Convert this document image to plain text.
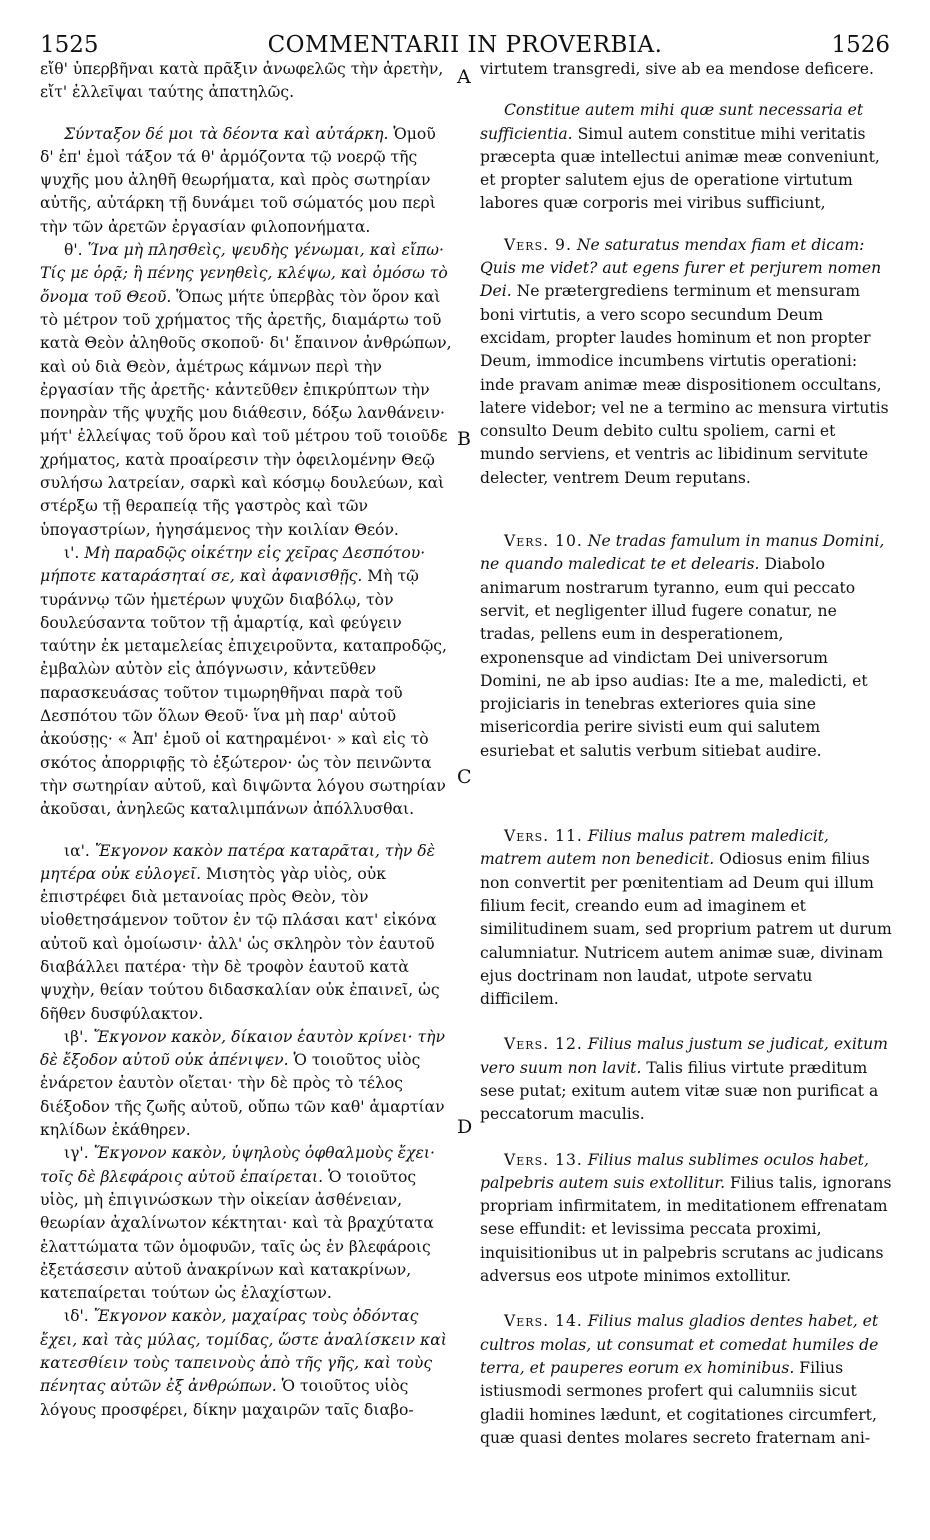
1525	COMMENTARII IN PROVERBIA.	1526
A
B
C
D

εἴθ' ὑπερβῆναι κατὰ πρᾶξιν ἀνωφελῶς τὴν ἀρετὴν, εἴτ' ἐλλεῖψαι ταύτης ἀπατηλῶς.

Σύνταξον δέ μοι τὰ δέοντα καὶ αὐτάρκη. Ὁμοῦ δ' ἐπ' ἐμοὶ τάξον τά θ' ἁρμόζοντα τῷ νοερῷ τῆς ψυχῆς μου ἀληθῆ θεωρήματα, καὶ πρὸς σωτηρίαν αὐτῆς, αὐτάρκη τῇ δυνάμει τοῦ σώματός μου περὶ τὴν τῶν ἀρετῶν ἐργασίαν φιλοπονήματα.

θ'. Ἵνα μὴ πλησθεὶς, ψευδὴς γένωμαι, καὶ εἴπω· Τίς με ὁρᾷ; ἢ πένης γενηθεὶς, κλέψω, καὶ ὀμόσω τὸ ὄνομα τοῦ Θεοῦ. Ὅπως μήτε ὑπερβὰς τὸν ὅρον καὶ τὸ μέτρον τοῦ χρήματος τῆς ἀρετῆς, διαμάρτω τοῦ κατὰ Θεὸν ἀληθοῦς σκοποῦ· δι' ἔπαινον ἀνθρώπων, καὶ οὐ διὰ Θεὸν, ἀμέτρως κάμνων περὶ τὴν ἐργασίαν τῆς ἀρετῆς· κἀντεῦθεν ἐπικρύπτων τὴν πονηρὰν τῆς ψυχῆς μου διάθεσιν, δόξω λανθάνειν· μήτ' ἐλλείψας τοῦ ὅρου καὶ τοῦ μέτρου τοῦ τοιοῦδε χρήματος, κατὰ προαίρεσιν τὴν ὀφειλομένην Θεῷ συλήσω λατρείαν, σαρκὶ καὶ κόσμῳ δουλεύων, καὶ στέρξω τῇ θεραπείᾳ τῆς γαστρὸς καὶ τῶν ὑπογαστρίων, ἡγησάμενος τὴν κοιλίαν Θεόν.

ι'. Μὴ παραδῷς οἰκέτην εἰς χεῖρας Δεσπότου· μήποτε καταράσηταί σε, καὶ ἀφανισθῇς. Μὴ τῷ τυράννῳ τῶν ἡμετέρων ψυχῶν διαβόλῳ, τὸν δουλεύσαντα τοῦτον τῇ ἁμαρτίᾳ, καὶ φεύγειν ταύτην ἐκ μεταμελείας ἐπιχειροῦντα, καταπροδῷς, ἐμβαλὼν αὐτὸν εἰς ἀπόγνωσιν, κἀντεῦθεν παρασκευάσας τοῦτον τιμωρηθῆναι παρὰ τοῦ Δεσπότου τῶν ὅλων Θεοῦ· ἵνα μὴ παρ' αὐτοῦ ἀκούσῃς· « Ἀπ' ἐμοῦ οἱ κατηραμένοι· » καὶ εἰς τὸ σκότος ἀπορριφῇς τὸ ἐξώτερον· ὡς τὸν πεινῶντα τὴν σωτηρίαν αὐτοῦ, καὶ διψῶντα λόγου σωτηρίαν ἀκοῦσαι, ἀνηλεῶς καταλιμπάνων ἀπόλλυσθαι.

ια'. Ἔκγονον κακὸν πατέρα καταρᾶται, τὴν δὲ μητέρα οὐκ εὐλογεῖ. Μισητὸς γὰρ υἱὸς, οὐκ ἐπιστρέφει διὰ μετανοίας πρὸς Θεὸν, τὸν υἱοθετησάμενον τοῦτον ἐν τῷ πλάσαι κατ' εἰκόνα αὐτοῦ καὶ ὁμοίωσιν· ἀλλ' ὡς σκληρὸν τὸν ἑαυτοῦ διαβάλλει πατέρα· τὴν δὲ τροφὸν ἑαυτοῦ κατὰ ψυχὴν, θείαν τούτου διδασκαλίαν οὐκ ἐπαινεῖ, ὡς δῆθεν δυσφύλακτον.

ιβ'. Ἔκγονον κακὸν, δίκαιον ἑαυτὸν κρίνει· τὴν δὲ ἔξοδον αὐτοῦ οὐκ ἀπένιψεν. Ὁ τοιοῦτος υἱὸς ἐνάρετον ἑαυτὸν οἴεται· τὴν δὲ πρὸς τὸ τέλος διέξοδον τῆς ζωῆς αὐτοῦ, οὔπω τῶν καθ' ἁμαρτίαν κηλίδων ἐκάθηρεν.

ιγ'. Ἔκγονον κακὸν, ὑψηλοὺς ὀφθαλμοὺς ἔχει· τοῖς δὲ βλεφάροις αὐτοῦ ἐπαίρεται. Ὁ τοιοῦτος υἱὸς, μὴ ἐπιγινώσκων τὴν οἰκείαν ἀσθένειαν, θεωρίαν ἀχαλίνωτον κέκτηται· καὶ τὰ βραχύτατα ἐλαττώματα τῶν ὁμοφυῶν, ταῖς ὡς ἐν βλεφάροις ἐξετάσεσιν αὐτοῦ ἀνακρίνων καὶ κατακρίνων, κατεπαίρεται τούτων ὡς ἐλαχίστων.

ιδ'. Ἔκγονον κακὸν, μαχαίρας τοὺς ὀδόντας ἔχει, καὶ τὰς μύλας, τομίδας, ὥστε ἀναλίσκειν καὶ κατεσθίειν τοὺς ταπεινοὺς ἀπὸ τῆς γῆς, καὶ τοὺς πένητας αὐτῶν ἐξ ἀνθρώπων. Ὁ τοιοῦτος υἱὸς λόγους προσφέρει, δίκην μαχαιρῶν ταῖς διαβο-

virtutem transgredi, sive ab ea mendose deficere.

Constitue autem mihi quæ sunt necessaria et sufficientia. Simul autem constitue mihi veritatis præcepta quæ intellectui animæ meæ conveniunt, et propter salutem ejus de operatione virtutum labores quæ corporis mei viribus sufficiunt,

Vers. 9. Ne saturatus mendax fiam et dicam: Quis me videt? aut egens furer et perjurem nomen Dei. Ne prætergrediens terminum et mensuram boni virtutis, a vero scopo secundum Deum excidam, propter laudes hominum et non propter Deum, immodice incumbens virtutis operationi: inde pravam animæ meæ dispositionem occultans, latere videbor; vel ne a termino ac mensura virtutis consulto Deum debito cultu spoliem, carni et mundo serviens, et ventris ac libidinum servitute delecter, ventrem Deum reputans.

Vers. 10. Ne tradas famulum in manus Domini, ne quando maledicat te et delearis. Diabolo animarum nostrarum tyranno, eum qui peccato servit, et negligenter illud fugere conatur, ne tradas, pellens eum in desperationem, exponensque ad vindictam Dei universorum Domini, ne ab ipso audias: Ite a me, maledicti, et projiciaris in tenebras exteriores quia sine misericordia perire sivisti eum qui salutem esuriebat et salutis verbum sitiebat audire.

Vers. 11. Filius malus patrem maledicit, matrem autem non benedicit. Odiosus enim filius non convertit per pœnitentiam ad Deum qui illum filium fecit, creando eum ad imaginem et similitudinem suam, sed proprium patrem ut durum calumniatur. Nutricem autem animæ suæ, divinam ejus doctrinam non laudat, utpote servatu difficilem.

Vers. 12. Filius malus justum se judicat, exitum vero suum non lavit. Talis filius virtute præditum sese putat; exitum autem vitæ suæ non purificat a peccatorum maculis.

Vers. 13. Filius malus sublimes oculos habet, palpebris autem suis extollitur. Filius talis, ignorans propriam infirmitatem, in meditationem effrenatam sese effundit: et levissima peccata proximi, inquisitionibus ut in palpebris scrutans ac judicans adversus eos utpote minimos extollitur.

Vers. 14. Filius malus gladios dentes habet, et cultros molas, ut consumat et comedat humiles de terra, et pauperes eorum ex hominibus. Filius istiusmodi sermones profert qui calumniis sicut gladii homines lædunt, et cogitationes circumfert, quæ quasi dentes molares secreto fraternam ani-
